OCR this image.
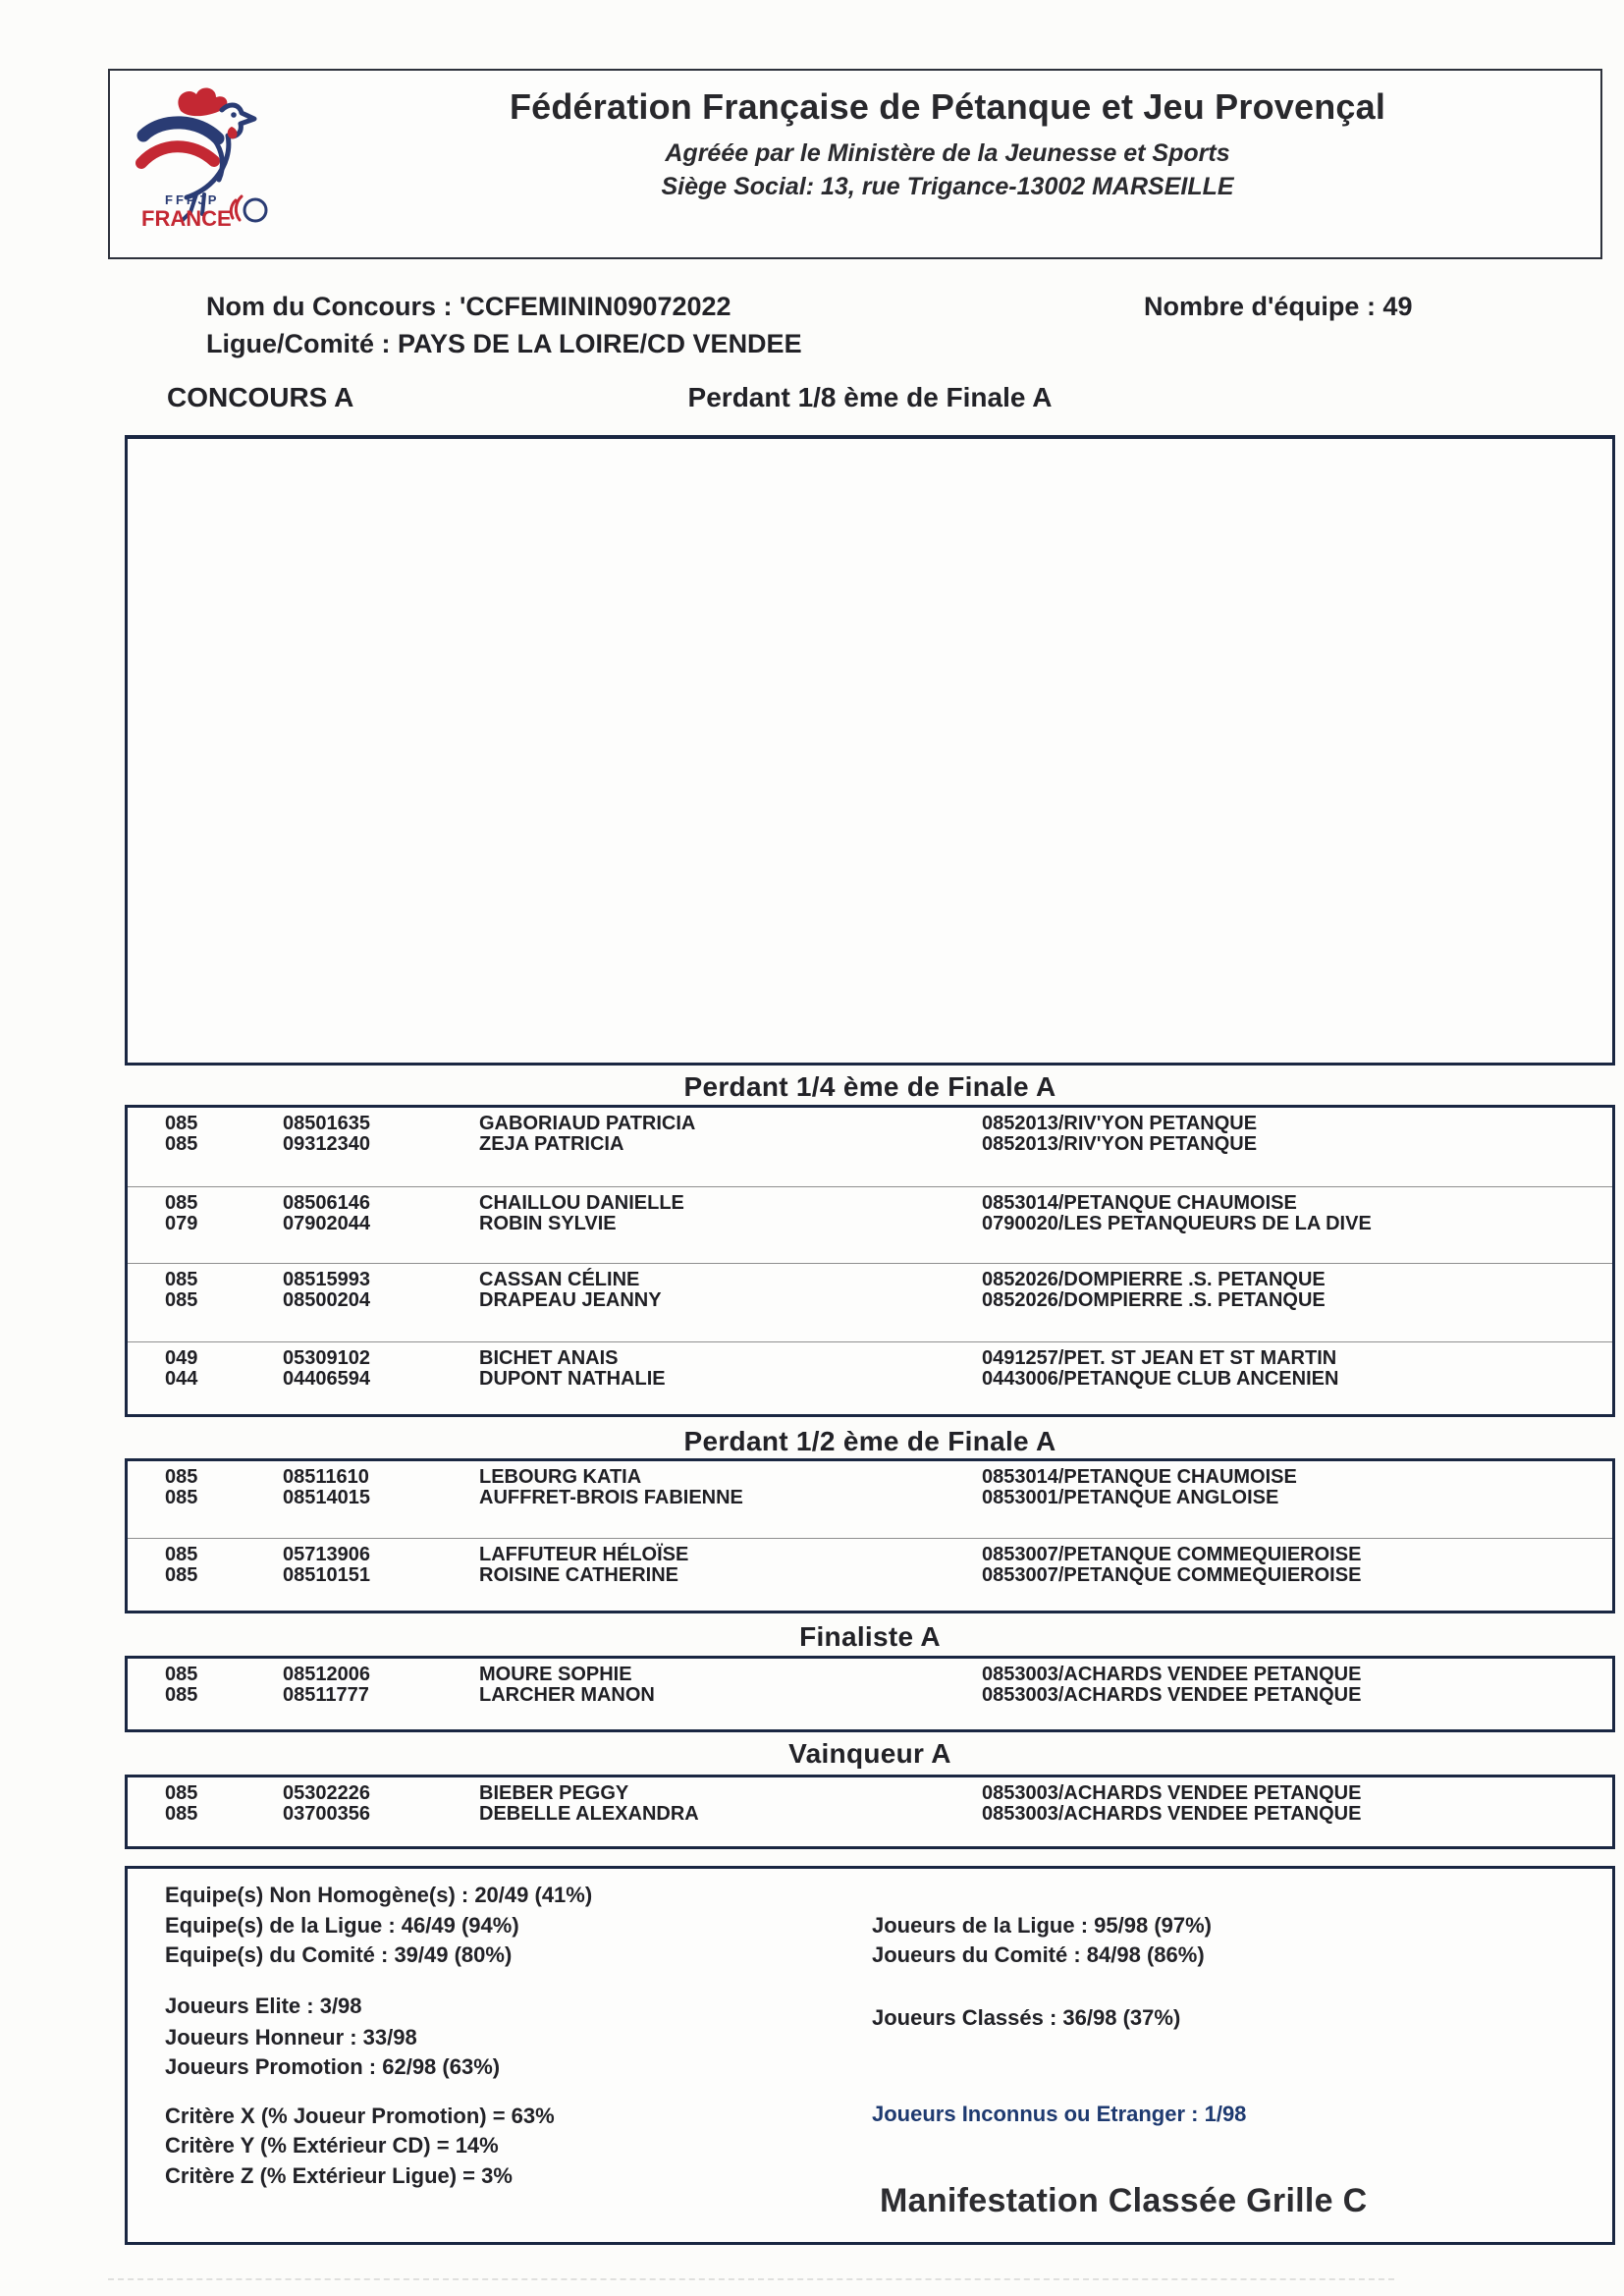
FFPJP
FRANCE
Fédération Française de Pétanque et Jeu Provençal
Agréée par le Ministère de la Jeunesse et Sports
Siège Social: 13, rue Trigance-13002 MARSEILLE
Nom du Concours : 'CCFEMININ09072022	Nombre d'équipe : 49
Ligue/Comité : PAYS DE LA LOIRE/CD VENDEE
CONCOURS A	Perdant 1/8 ème de Finale A
Perdant 1/4 ème de Finale A
085	08501635	GABORIAUD PATRICIA	0852013/RIV'YON PETANQUE
085	09312340	ZEJA PATRICIA	0852013/RIV'YON PETANQUE
085	08506146	CHAILLOU DANIELLE	0853014/PETANQUE CHAUMOISE
079	07902044	ROBIN SYLVIE	0790020/LES PETANQUEURS DE LA DIVE
085	08515993	CASSAN CÉLINE	0852026/DOMPIERRE .S. PETANQUE
085	08500204	DRAPEAU JEANNY	0852026/DOMPIERRE .S. PETANQUE
049	05309102	BICHET ANAIS	0491257/PET. ST JEAN ET ST MARTIN
044	04406594	DUPONT NATHALIE	0443006/PETANQUE CLUB ANCENIEN
Perdant 1/2 ème de Finale A
085	08511610	LEBOURG KATIA	0853014/PETANQUE CHAUMOISE
085	08514015	AUFFRET-BROIS FABIENNE	0853001/PETANQUE ANGLOISE
085	05713906	LAFFUTEUR HÉLOÏSE	0853007/PETANQUE COMMEQUIEROISE
085	08510151	ROISINE CATHERINE	0853007/PETANQUE COMMEQUIEROISE
Finaliste A
085	08512006	MOURE SOPHIE	0853003/ACHARDS VENDEE PETANQUE
085	08511777	LARCHER MANON	0853003/ACHARDS VENDEE PETANQUE
Vainqueur A
085	05302226	BIEBER PEGGY	0853003/ACHARDS VENDEE PETANQUE
085	03700356	DEBELLE ALEXANDRA	0853003/ACHARDS VENDEE PETANQUE
Equipe(s) Non Homogène(s) : 20/49 (41%)
Equipe(s) de la Ligue : 46/49 (94%)
Equipe(s) du Comité : 39/49 (80%)
Joueurs Elite : 3/98
Joueurs Honneur : 33/98
Joueurs Promotion : 62/98 (63%)
Critère X (% Joueur Promotion) = 63%
Critère Y (% Extérieur CD) = 14%
Critère Z (% Extérieur Ligue) = 3%
Joueurs de la Ligue : 95/98 (97%)
Joueurs du Comité : 84/98 (86%)
Joueurs Classés : 36/98 (37%)
Joueurs Inconnus ou Etranger : 1/98
Manifestation Classée Grille C
